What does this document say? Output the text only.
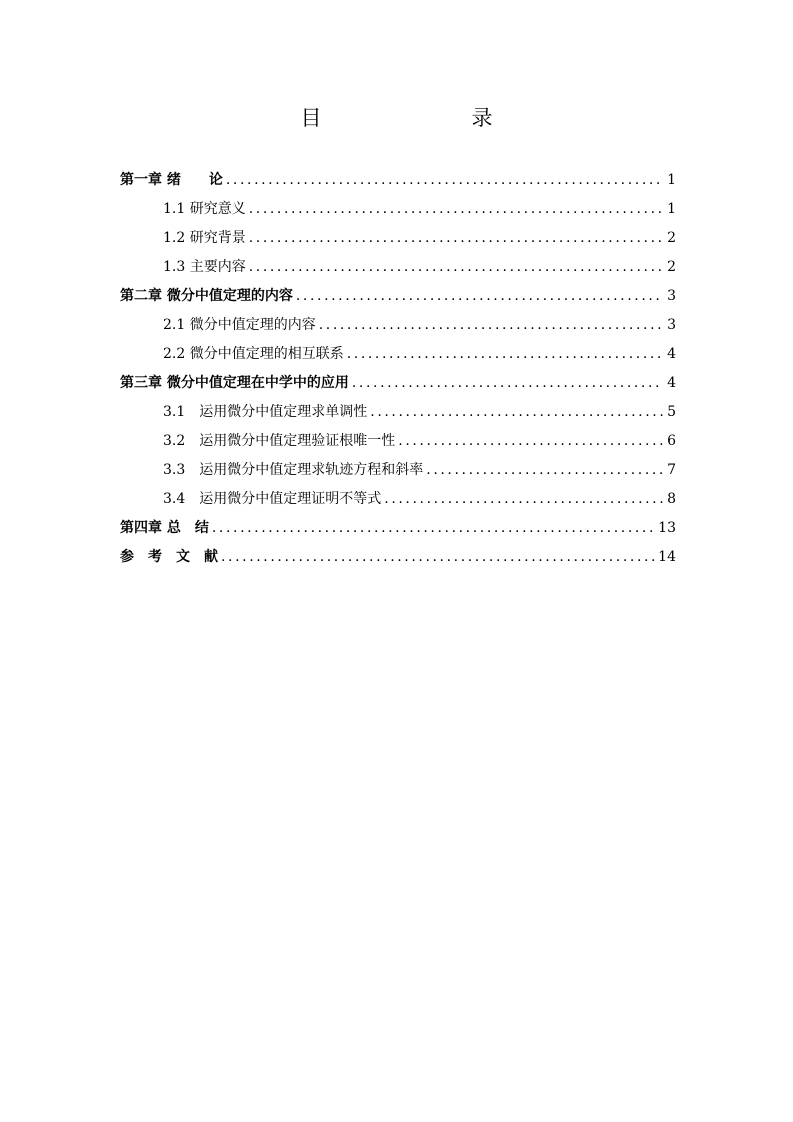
目　　录
第一章 绪　　论 .....	1
1.1 研究意义 .....	1
1.2 研究背景 .....	2
1.3 主要内容 .....	2
第二章 微分中值定理的内容 .....	3
2.1 微分中值定理的内容 .....	3
2.2 微分中值定理的相互联系 .....	4
第三章 微分中值定理在中学中的应用 .....	4
3.1　运用微分中值定理求单调性 .....	5
3.2　运用微分中值定理验证根唯一性 .....	6
3.3　运用微分中值定理求轨迹方程和斜率 .....	7
3.4　运用微分中值定理证明不等式 .....	8
第四章 总　结 .....	13
参　考　文　献 .....	14
